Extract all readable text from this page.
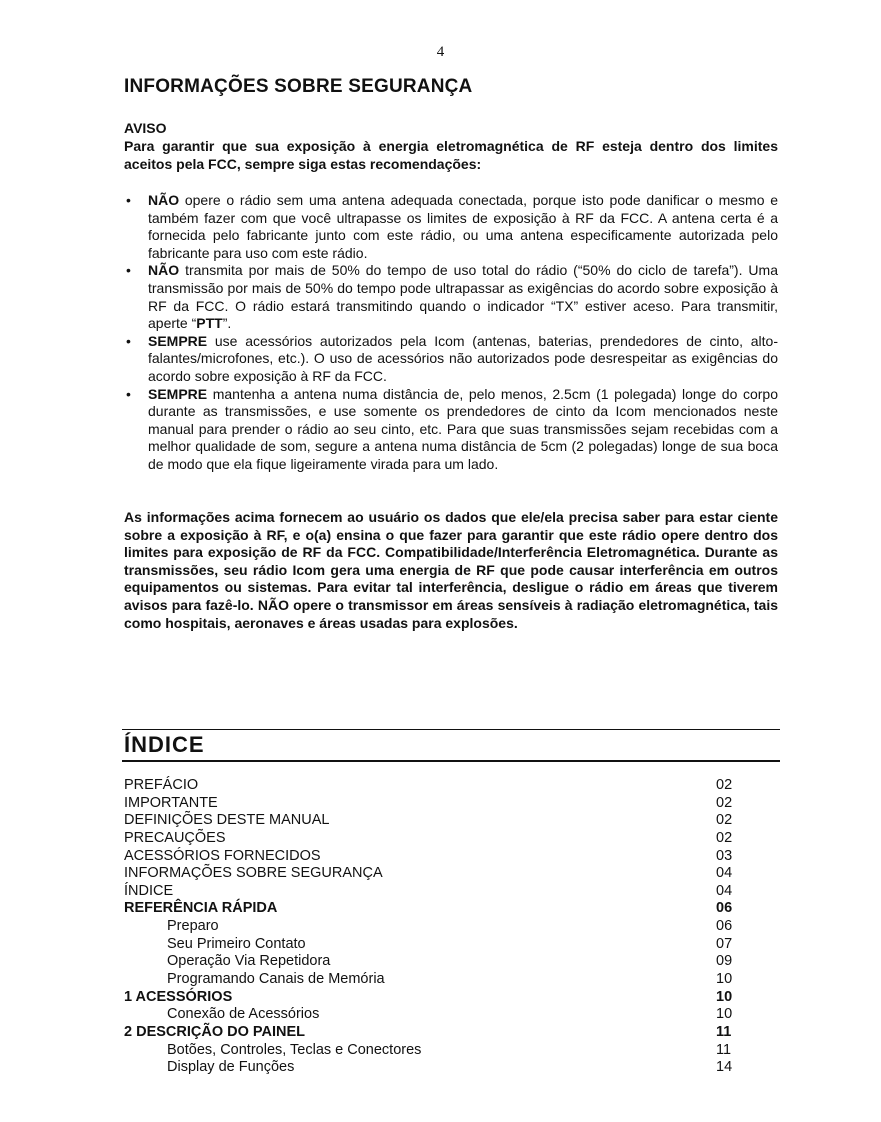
4
INFORMAÇÕES SOBRE SEGURANÇA
AVISO
Para garantir que sua exposição à energia eletromagnética de RF esteja dentro dos limites aceitos pela FCC, sempre siga estas recomendações:
• NÃO opere o rádio sem uma antena adequada conectada, porque isto pode danificar o mesmo e também fazer com que você ultrapasse os limites de exposição à RF da FCC. A antena certa é a fornecida pelo fabricante junto com este rádio, ou uma antena especificamente autorizada pelo fabricante para uso com este rádio.
• NÃO transmita por mais de 50% do tempo de uso total do rádio (“50% do ciclo de tarefa”). Uma transmissão por mais de 50% do tempo pode ultrapassar as exigências do acordo sobre exposição à RF da FCC. O rádio estará transmitindo quando o indicador “TX” estiver aceso. Para transmitir, aperte “PTT”.
• SEMPRE use acessórios autorizados pela Icom (antenas, baterias, prendedores de cinto, alto-falantes/microfones, etc.). O uso de acessórios não autorizados pode desrespeitar as exigências do acordo sobre exposição à RF da FCC.
• SEMPRE mantenha a antena numa distância de, pelo menos, 2.5cm (1 polegada) longe do corpo durante as transmissões, e use somente os prendedores de cinto da Icom mencionados neste manual para prender o rádio ao seu cinto, etc. Para que suas transmissões sejam recebidas com a melhor qualidade de som, segure a antena numa distância de 5cm (2 polegadas) longe de sua boca de modo que ela fique ligeiramente virada para um lado.
As informações acima fornecem ao usuário os dados que ele/ela precisa saber para estar ciente sobre a exposição à RF, e o(a) ensina o que fazer para garantir que este rádio opere dentro dos limites para exposição de RF da FCC. Compatibilidade/Interferência Eletromagnética. Durante as transmissões, seu rádio Icom gera uma energia de RF que pode causar interferência em outros equipamentos ou sistemas. Para evitar tal interferência, desligue o rádio em áreas que tiverem avisos para fazê-lo. NÃO opere o transmissor em áreas sensíveis à radiação eletromagnética, tais como hospitais, aeronaves e áreas usadas para explosões.
ÍNDICE
PREFÁCIO	02
IMPORTANTE	02
DEFINIÇÕES DESTE MANUAL	02
PRECAUÇÕES	02
ACESSÓRIOS FORNECIDOS	03
INFORMAÇÕES SOBRE SEGURANÇA	04
ÍNDICE	04
REFERÊNCIA RÁPIDA	06
Preparo	06
Seu Primeiro Contato	07
Operação Via Repetidora	09
Programando Canais de Memória	10
1 ACESSÓRIOS	10
Conexão de Acessórios	10
2 DESCRIÇÃO DO PAINEL	11
Botões, Controles, Teclas e Conectores	11
Display de Funções	14
